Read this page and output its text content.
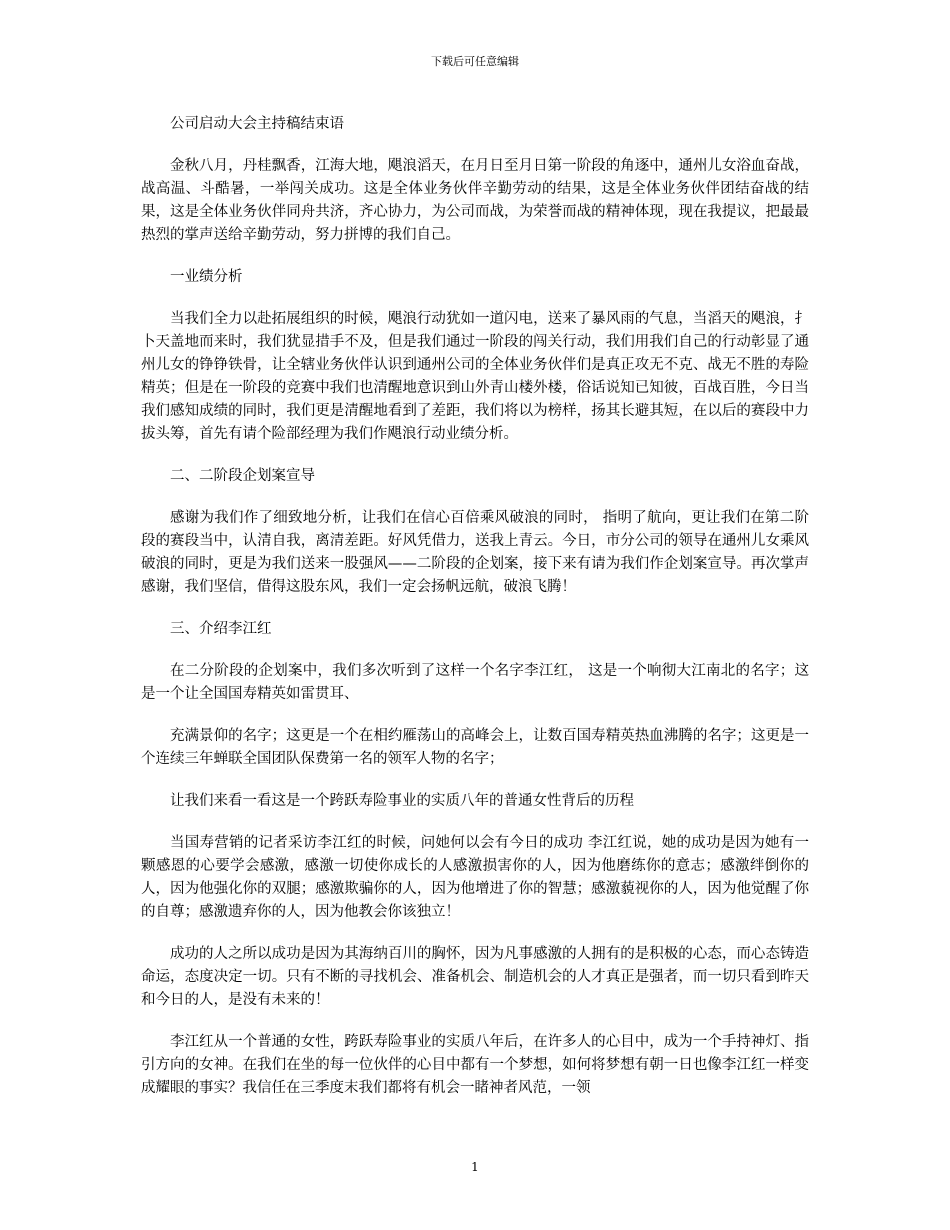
下载后可任意编辑
公司启动大会主持稿结束语
金秋八月，丹桂飘香，江海大地，飓浪滔天，在月日至月日第一阶段的角逐中，通州儿女浴血奋战，战高温、斗酷暑，一举闯关成功。这是全体业务伙伴辛勤劳动的结果，这是全体业务伙伴团结奋战的结果，这是全体业务伙伴同舟共济，齐心协力，为公司而战，为荣誉而战的精神体现，现在我提议，把最最热烈的掌声送给辛勤劳动，努力拼博的我们自己。
一业绩分析
当我们全力以赴拓展组织的时候，飓浪行动犹如一道闪电，送来了暴风雨的气息，当滔天的飓浪，扌卜天盖地而来时，我们犹显措手不及，但是我们通过一阶段的闯关行动，我们用我们自己的行动彰显了通州儿女的铮铮铁骨，让全辖业务伙伴认识到通州公司的全体业务伙伴们是真正攻无不克、战无不胜的寿险精英；但是在一阶段的竞赛中我们也清醒地意识到山外青山楼外楼，俗话说知已知彼，百战百胜，今日当我们感知成绩的同时，我们更是清醒地看到了差距，我们将以为榜样，扬其长避其短，在以后的赛段中力拔头筹，首先有请个险部经理为我们作飓浪行动业绩分析。
二、二阶段企划案宣导
感谢为我们作了细致地分析，让我们在信心百倍乘风破浪的同时， 指明了航向，更让我们在第二阶段的赛段当中，认清自我，离清差距。好风凭借力，送我上青云。今日，市分公司的领导在通州儿女乘风破浪的同时，更是为我们送来一股强风——二阶段的企划案，接下来有请为我们作企划案宣导。再次掌声感谢，我们坚信，借得这股东风，我们一定会扬帆远航，破浪飞腾！
三、介绍李江红
在二分阶段的企划案中，我们多次听到了这样一个名字李江红， 这是一个响彻大江南北的名字；这是一个让全国国寿精英如雷贯耳、
充满景仰的名字；这更是一个在相约雁荡山的高峰会上，让数百国寿精英热血沸腾的名字；这更是一个连续三年蝉联全国团队保费第一名的领军人物的名字；
让我们来看一看这是一个跨跃寿险事业的实质八年的普通女性背后的历程
当国寿营销的记者采访李江红的时候，问她何以会有今日的成功 李江红说，她的成功是因为她有一颗感恩的心要学会感激，感激一切使你成长的人感激损害你的人，因为他磨练你的意志；感激绊倒你的人，因为他强化你的双腿；感激欺骗你的人，因为他增进了你的智慧；感激藐视你的人，因为他觉醒了你的自尊；感激遗弃你的人，因为他教会你该独立！
成功的人之所以成功是因为其海纳百川的胸怀，因为凡事感激的人拥有的是积极的心态，而心态铸造命运，态度决定一切。只有不断的寻找机会、准备机会、制造机会的人才真正是强者，而一切只看到昨天和今日的人，是没有未来的！
李江红从一个普通的女性，跨跃寿险事业的实质八年后，在许多人的心目中，成为一个手持神灯、指引方向的女神。在我们在坐的每一位伙伴的心目中都有一个梦想，如何将梦想有朝一日也像李江红一样变成耀眼的事实？我信任在三季度末我们都将有机会一睹神者风范，一领
1
